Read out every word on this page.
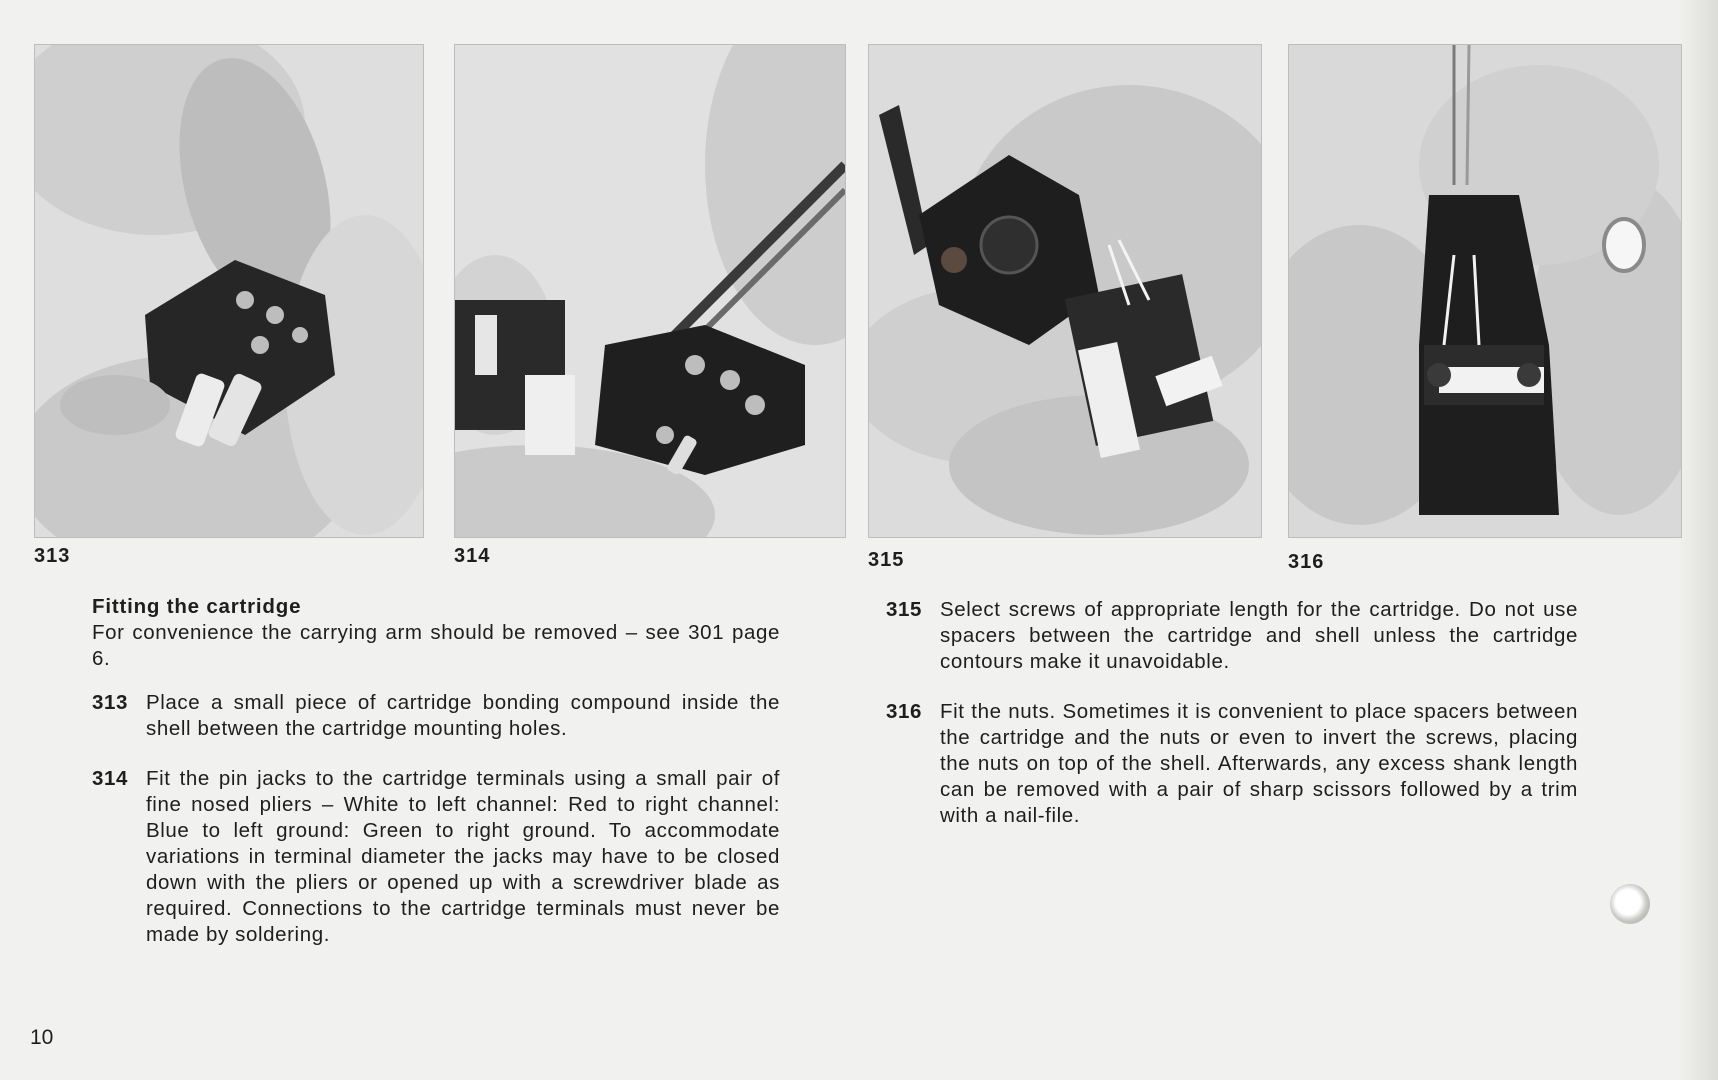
313	314	315	316
Fitting the cartridge

For convenience the carrying arm should be removed – see 301 page 6.

313 Place a small piece of cartridge bonding compound inside the shell between the cartridge mounting holes.

314 Fit the pin jacks to the cartridge terminals using a small pair of fine nosed pliers – White to left channel: Red to right channel: Blue to left ground: Green to right ground. To accommodate variations in terminal diameter the jacks may have to be closed down with the pliers or opened up with a screwdriver blade as required. Connections to the cartridge terminals must never be made by soldering.

315 Select screws of appropriate length for the cartridge. Do not use spacers between the cartridge and shell unless the cartridge contours make it unavoidable.

316 Fit the nuts. Sometimes it is convenient to place spacers between the cartridge and the nuts or even to invert the screws, placing the nuts on top of the shell. Afterwards, any excess shank length can be removed with a pair of sharp scissors followed by a trim with a nail-file.

10
